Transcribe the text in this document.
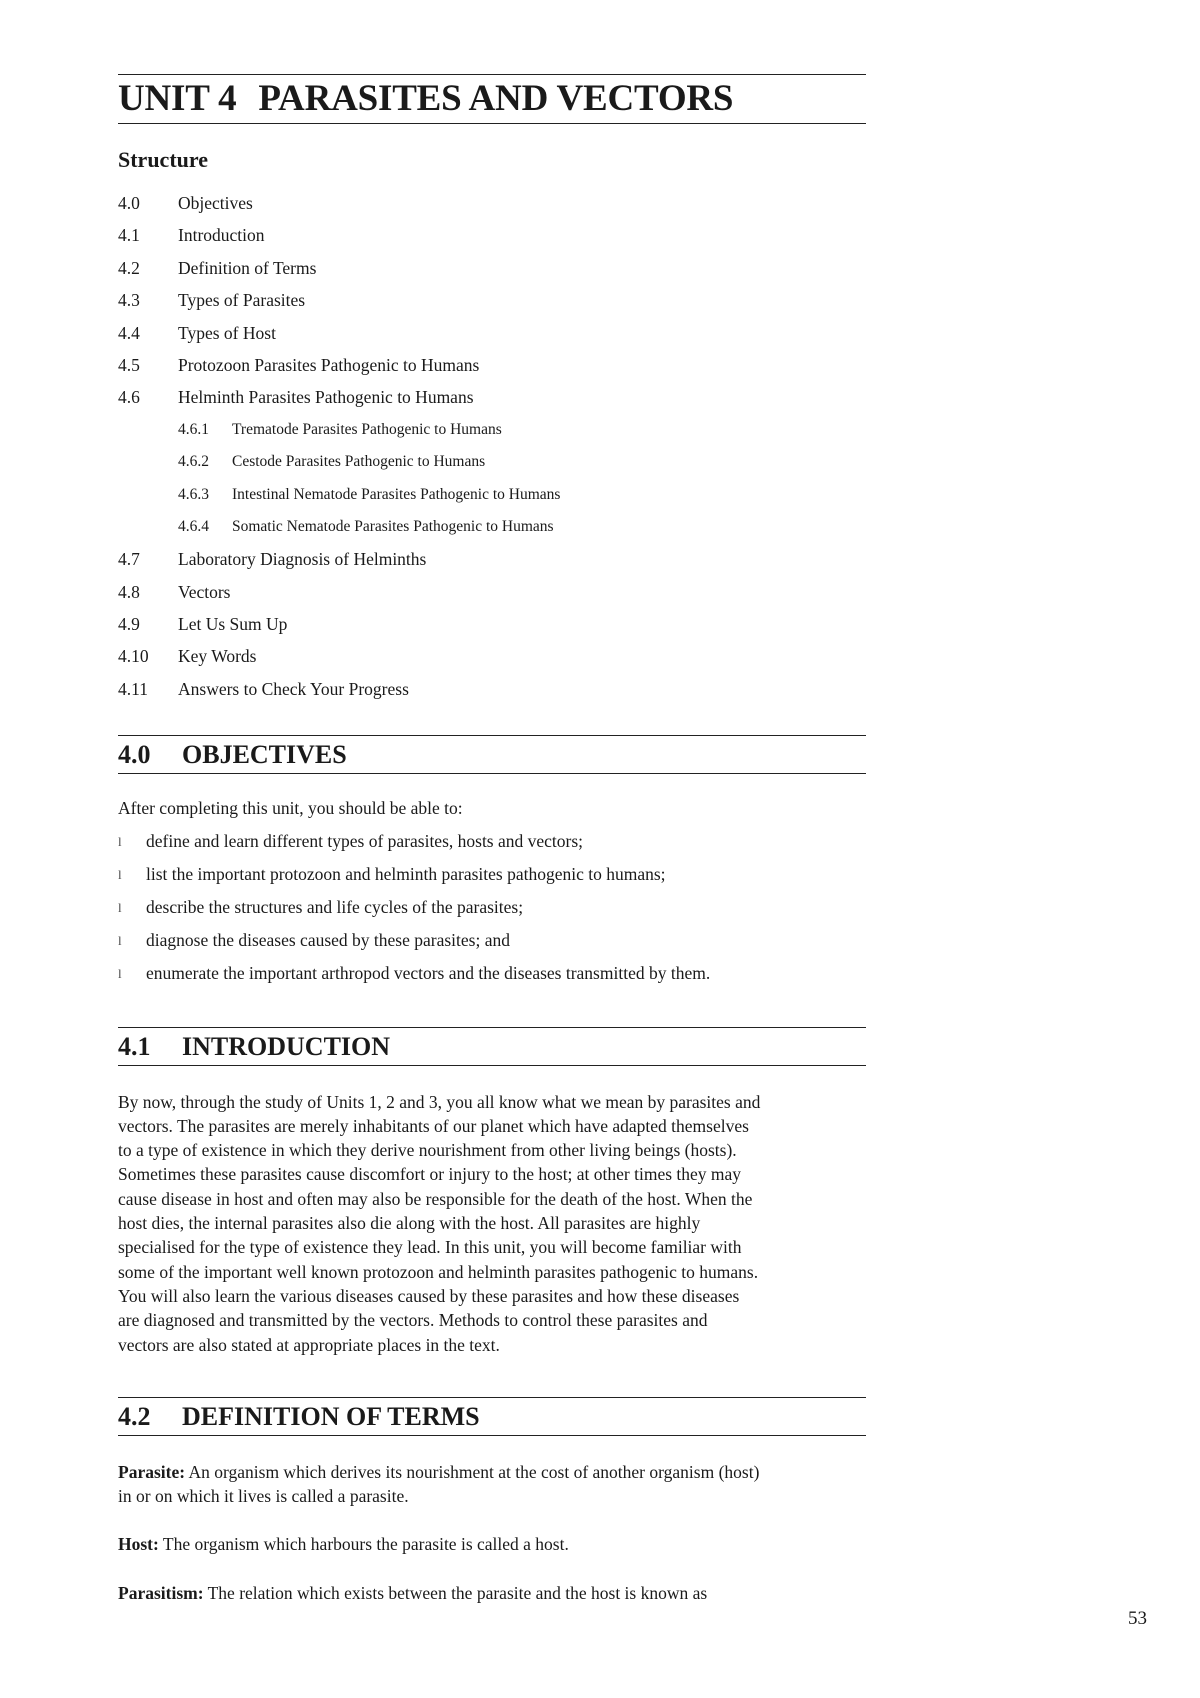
UNIT 4 PARASITES AND VECTORS
Structure
4.0	Objectives
4.1	Introduction
4.2	Definition of Terms
4.3	Types of Parasites
4.4	Types of Host
4.5	Protozoon Parasites Pathogenic to Humans
4.6	Helminth Parasites Pathogenic to Humans
4.6.1	Trematode Parasites Pathogenic to Humans
4.6.2	Cestode Parasites Pathogenic to Humans
4.6.3	Intestinal Nematode Parasites Pathogenic to Humans
4.6.4	Somatic Nematode Parasites Pathogenic to Humans
4.7	Laboratory Diagnosis of Helminths
4.8	Vectors
4.9	Let Us Sum Up
4.10	Key Words
4.11	Answers to Check Your Progress
4.0 OBJECTIVES

After completing this unit, you should be able to:

l	define and learn different types of parasites, hosts and vectors;
l	list the important protozoon and helminth parasites pathogenic to humans;
l	describe the structures and life cycles of the parasites;
l	diagnose the diseases caused by these parasites; and
l	enumerate the important arthropod vectors and the diseases transmitted by them.
4.1 INTRODUCTION

By now, through the study of Units 1, 2 and 3, you all know what we mean by parasites and

vectors. The parasites are merely inhabitants of our planet which have adapted themselves

to a type of existence in which they derive nourishment from other living beings (hosts).

Sometimes these parasites cause discomfort or injury to the host; at other times they may

cause disease in host and often may also be responsible for the death of the host. When the

host dies, the internal parasites also die along with the host. All parasites are highly

specialised for the type of existence they lead. In this unit, you will become familiar with

some of the important well known protozoon and helminth parasites pathogenic to humans.

You will also learn the various diseases caused by these parasites and how these diseases

are diagnosed and transmitted by the vectors. Methods to control these parasites and

vectors are also stated at appropriate places in the text.

4.2 DEFINITION OF TERMS

Parasite: An organism which derives its nourishment at the cost of another organism (host)

in or on which it lives is called a parasite.

Host: The organism which harbours the parasite is called a host.

Parasitism: The relation which exists between the parasite and the host is known as

53
